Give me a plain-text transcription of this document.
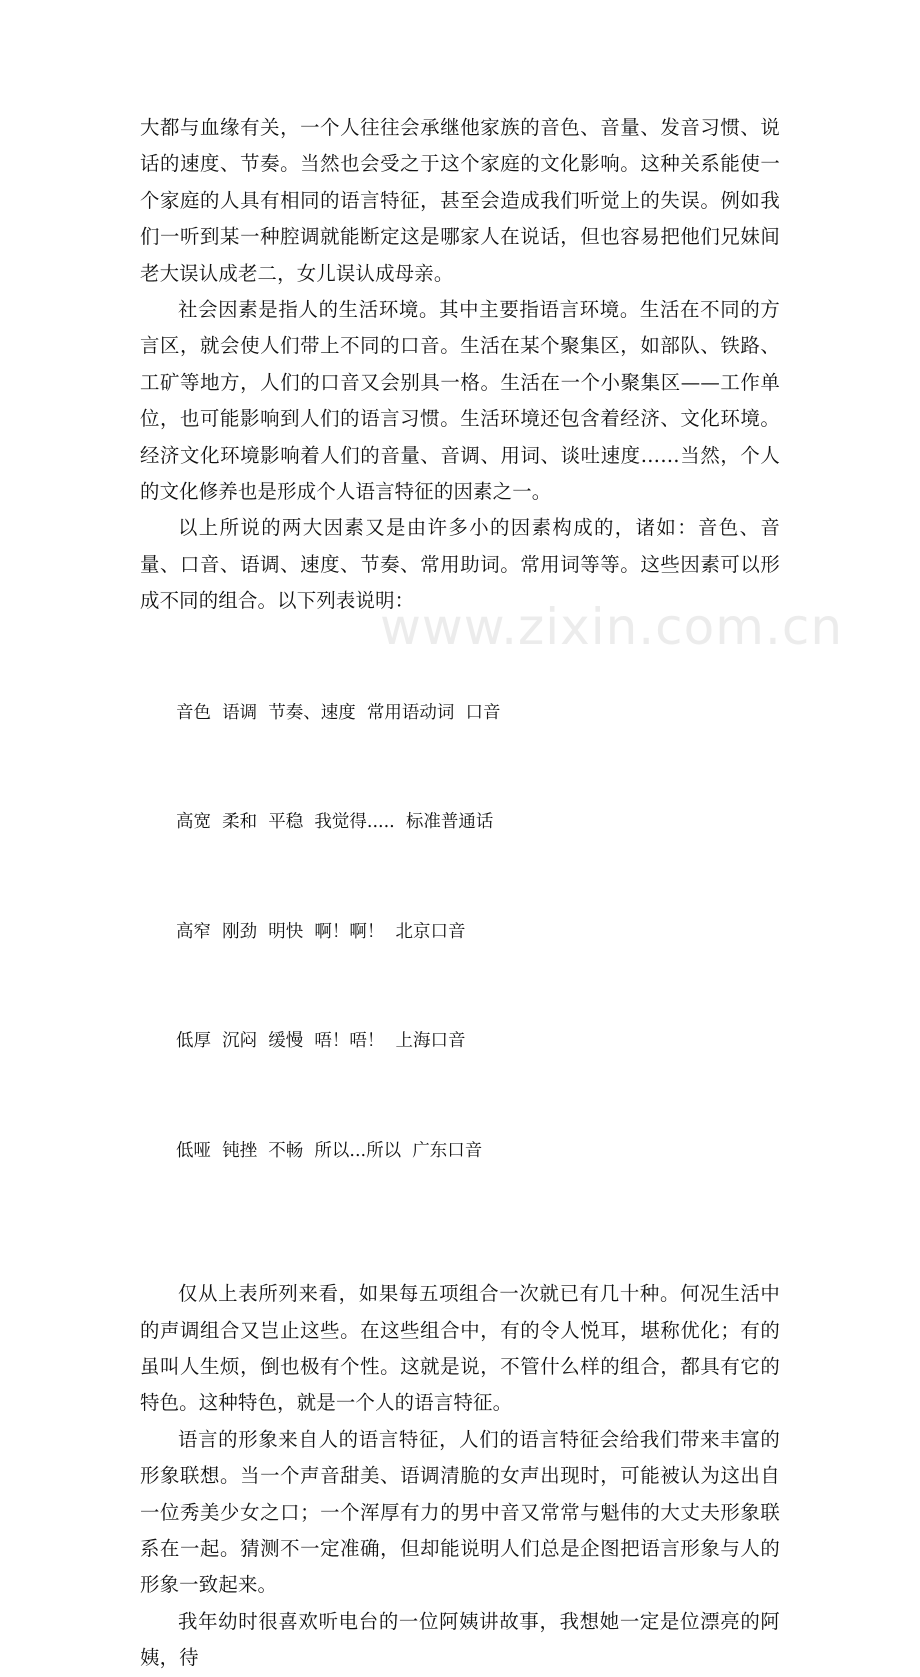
大都与血缘有关，一个人往往会承继他家族的音色、音量、发音习惯、说话的速度、节奏。当然也会受之于这个家庭的文化影响。这种关系能使一个家庭的人具有相同的语言特征，甚至会造成我们听觉上的失误。例如我们一听到某一种腔调就能断定这是哪家人在说话，但也容易把他们兄妹间老大误认成老二，女儿误认成母亲。

社会因素是指人的生活环境。其中主要指语言环境。生活在不同的方言区，就会使人们带上不同的口音。生活在某个聚集区，如部队、铁路、工矿等地方，人们的口音又会别具一格。生活在一个小聚集区——工作单位，也可能影响到人们的语言习惯。生活环境还包含着经济、文化环境。经济文化环境影响着人们的音量、音调、用词、谈吐速度……当然，个人的文化修养也是形成个人语言特征的因素之一。

以上所说的两大因素又是由许多小的因素构成的，诸如：音色、音量、口音、语调、速度、节奏、常用助词。常用词等等。这些因素可以形成不同的组合。以下列表说明：

音色  语调  节奏、速度  常用语动词  口音

高宽  柔和  平稳  我觉得.....  标准普通话

高窄  刚劲  明快  啊！啊！  北京口音

低厚  沉闷  缓慢  唔！唔！  上海口音

低哑  钝挫  不畅  所以...所以  广东口音

仅从上表所列来看，如果每五项组合一次就已有几十种。何况生活中的声调组合又岂止这些。在这些组合中，有的令人悦耳，堪称优化；有的虽叫人生烦，倒也极有个性。这就是说，不管什么样的组合，都具有它的特色。这种特色，就是一个人的语言特征。

语言的形象来自人的语言特征，人们的语言特征会给我们带来丰富的形象联想。当一个声音甜美、语调清脆的女声出现时，可能被认为这出自一位秀美少女之口；一个浑厚有力的男中音又常常与魁伟的大丈夫形象联系在一起。猜测不一定准确，但却能说明人们总是企图把语言形象与人的形象一致起来。

我年幼时很喜欢听电台的一位阿姨讲故事，我想她一定是位漂亮的阿姨，待

www.zixin.com.cn
